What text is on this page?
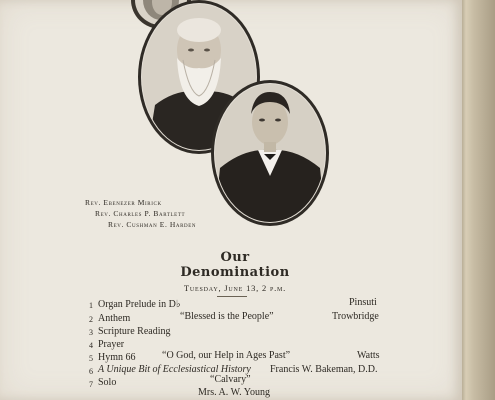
Rev. Ebenezer Mirick
Rev. Charles P. Bartlett
Rev. Cushman E. Harden
Our Denomination
Tuesday, June 13, 2 p.m.
1 Organ Prelude in D♭	Pinsuti
2 Anthem	“Blessed is the People”	Trowbridge
3 Scripture Reading
4 Prayer
5 Hymn 66	“O God, our Help in Ages Past”	Watts
6 A Unique Bit of Ecclesiastical History Francis W. Bakeman, D.D.
7 Solo	“Calvary”
Mrs. A. W. Young
